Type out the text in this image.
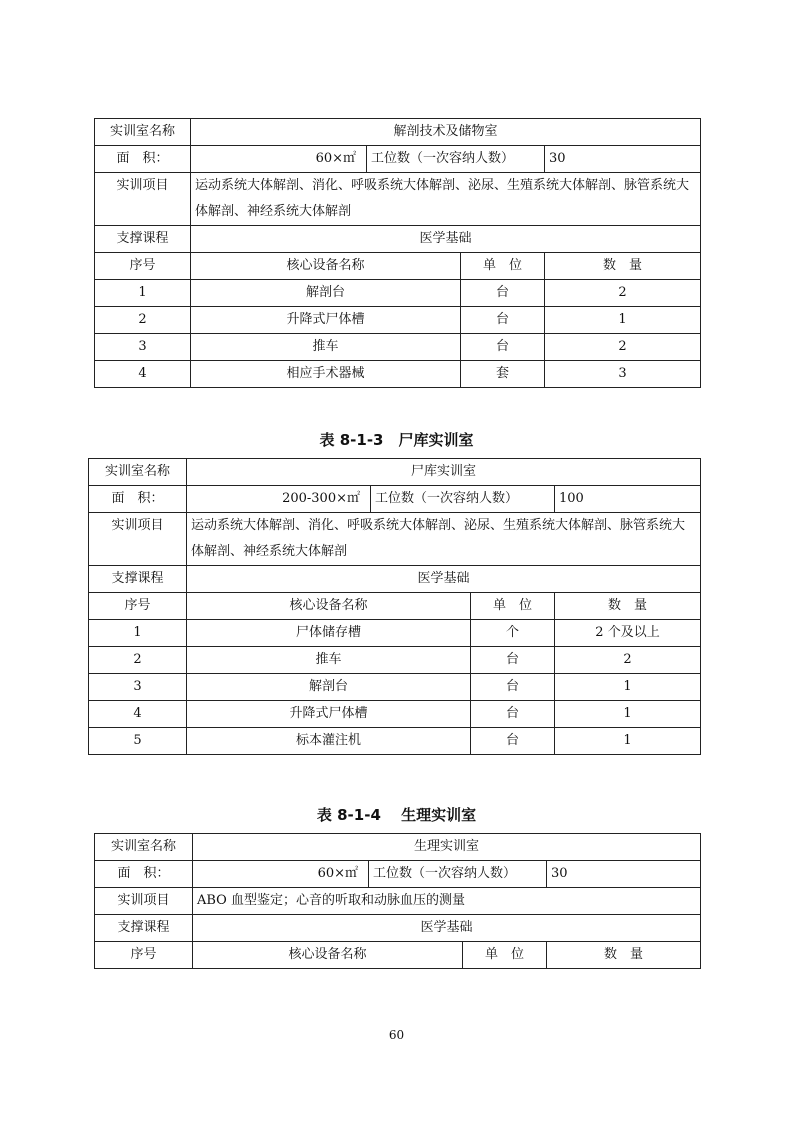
实训室名称	解剖技术及储物室			
面　积：	60×㎡	工位数（一次容纳人数）		30
实训项目	运动系统大体解剖、消化、呼吸系统大体解剖、泌尿、生殖系统大体解剖、脉管系统大体解剖、神经系统大体解剖			
支撑课程	医学基础			
序号	核心设备名称		单　位	数　量
1	解剖台		台	2
2	升降式尸体槽		台	1
3	推车		台	2
4	相应手术器械		套	3
表 8-1-3　尸库实训室
实训室名称	尸库实训室			
面　积：	200-300×㎡	工位数（一次容纳人数）		100
实训项目	运动系统大体解剖、消化、呼吸系统大体解剖、泌尿、生殖系统大体解剖、脉管系统大体解剖、神经系统大体解剖			
支撑课程	医学基础			
序号	核心设备名称		单　位	数　量
1	尸体储存槽		个	2 个及以上
2	推车		台	2
3	解剖台		台	1
4	升降式尸体槽		台	1
5	标本灌注机		台	1
表 8-1-4　 生理实训室
实训室名称	生理实训室			
面　积：	60×㎡	工位数（一次容纳人数）		30
实训项目	ABO 血型鉴定；心音的听取和动脉血压的测量			
支撑课程	医学基础			
序号	核心设备名称		单　位	数　量
60
